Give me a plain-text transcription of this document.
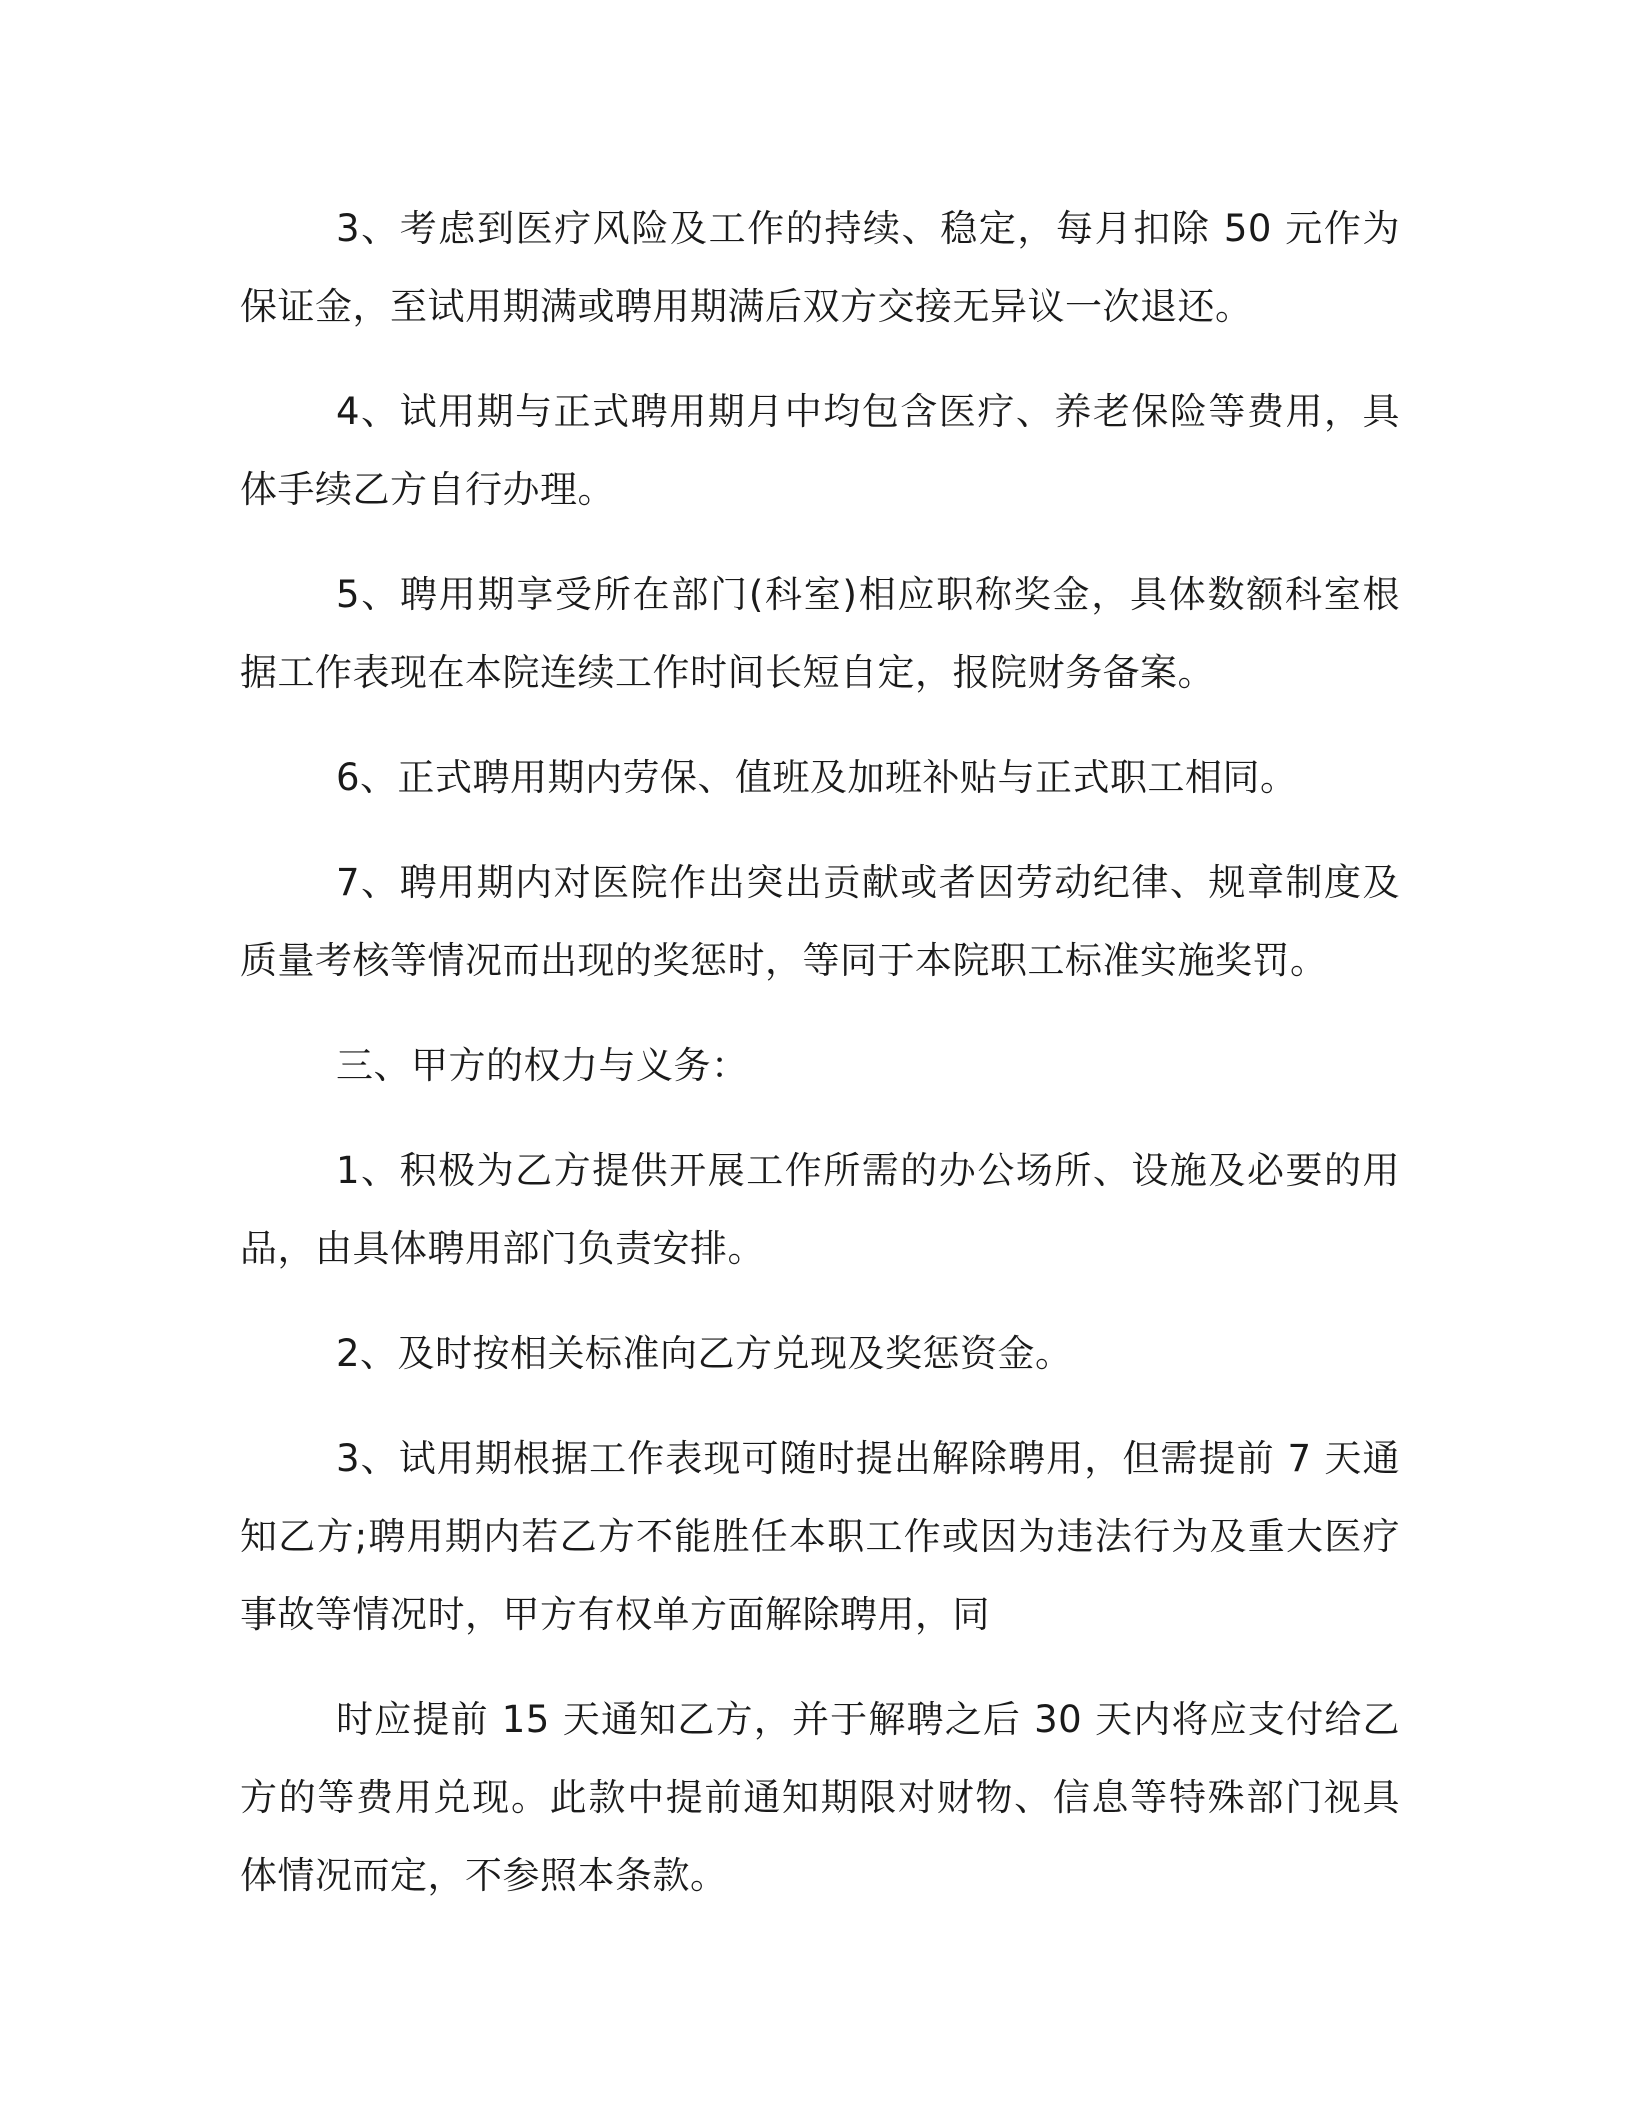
3、考虑到医疗风险及工作的持续、稳定，每月扣除 50 元作为保证金，至试用期满或聘用期满后双方交接无异议一次退还。

4、试用期与正式聘用期月中均包含医疗、养老保险等费用，具体手续乙方自行办理。

5、聘用期享受所在部门(科室)相应职称奖金，具体数额科室根据工作表现在本院连续工作时间长短自定，报院财务备案。

6、正式聘用期内劳保、值班及加班补贴与正式职工相同。

7、聘用期内对医院作出突出贡献或者因劳动纪律、规章制度及质量考核等情况而出现的奖惩时，等同于本院职工标准实施奖罚。

三、甲方的权力与义务：

1、积极为乙方提供开展工作所需的办公场所、设施及必要的用品，由具体聘用部门负责安排。

2、及时按相关标准向乙方兑现及奖惩资金。

3、试用期根据工作表现可随时提出解除聘用，但需提前 7 天通知乙方;聘用期内若乙方不能胜任本职工作或因为违法行为及重大医疗事故等情况时，甲方有权单方面解除聘用，同

时应提前 15 天通知乙方，并于解聘之后 30 天内将应支付给乙方的等费用兑现。此款中提前通知期限对财物、信息等特殊部门视具体情况而定，不参照本条款。
